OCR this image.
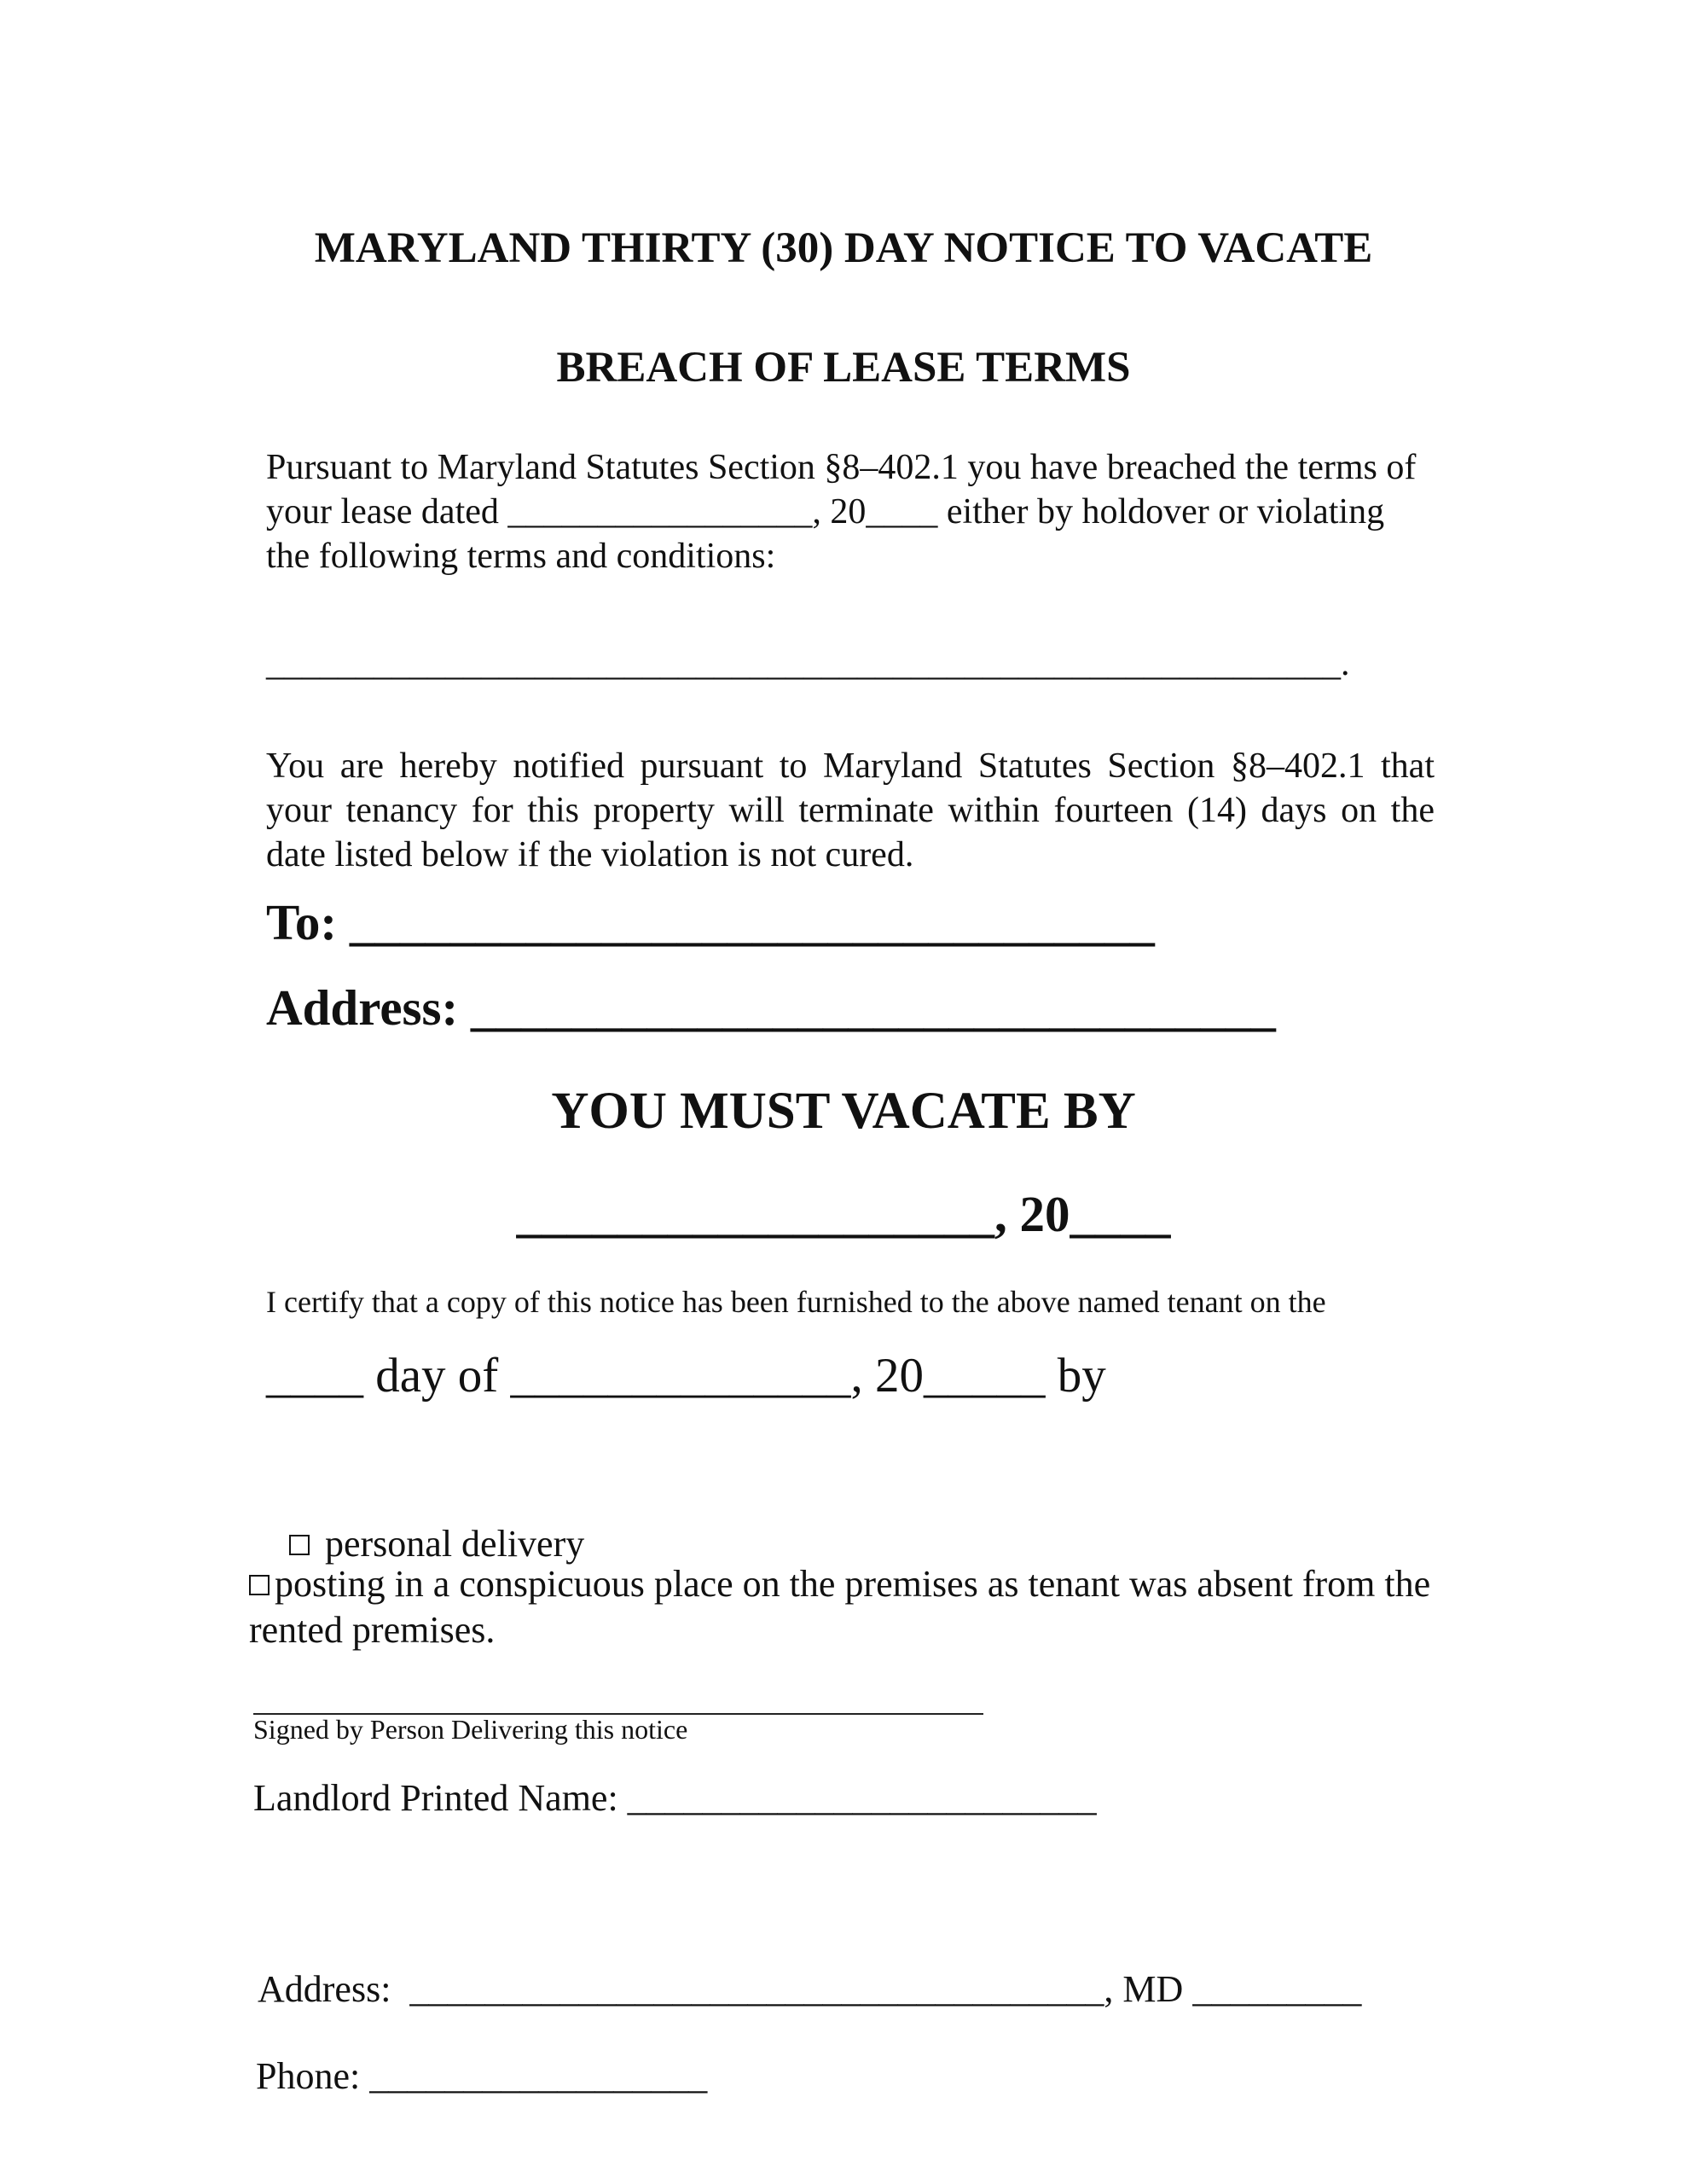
MARYLAND THIRTY (30) DAY NOTICE TO VACATE
BREACH OF LEASE TERMS
Pursuant to Maryland Statutes Section §8–402.1 you have breached the terms of your lease dated _________________, 20____ either by holdover or violating the following terms and conditions:
____________________________________________________________.
You are hereby notified pursuant to Maryland Statutes Section §8–402.1 that your tenancy for this property will terminate within fourteen (14) days on the date listed below if the violation is not cured.
To: ________________________________
Address: ________________________________
YOU MUST VACATE BY
___________________, 20____
I certify that a copy of this notice has been furnished to the above named tenant on the
____ day of ______________, 20_____ by

personal delivery

posting in a conspicuous place on the premises as tenant was absent from the rented premises.
Signed by Person Delivering this notice
Landlord Printed Name: _________________________
Address:  _____________________________________, MD _________
Phone: __________________
